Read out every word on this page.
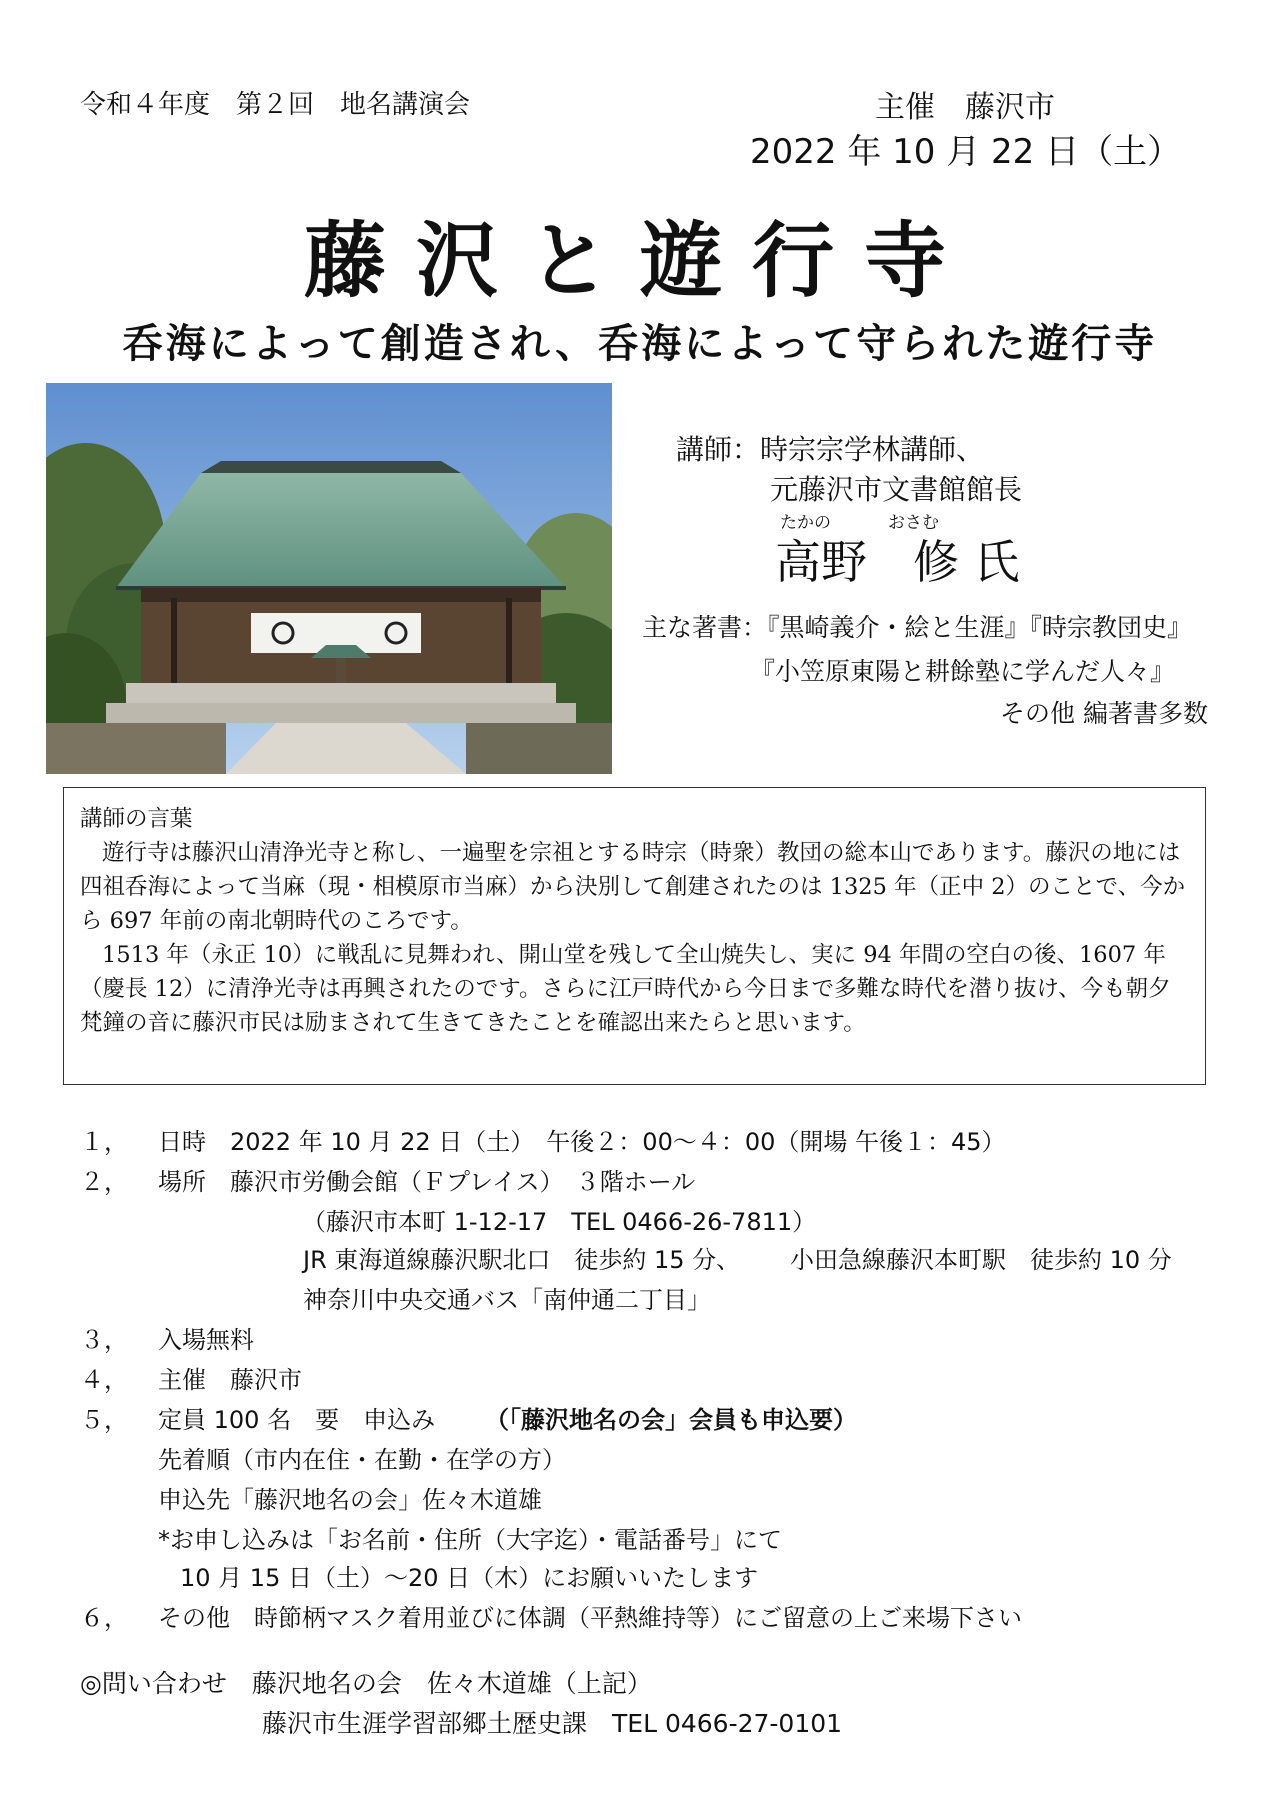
令和４年度　第２回　地名講演会	主催　藤沢市
2022 年 10 月 22 日（土）
藤沢と遊行寺
呑海によって創造され、呑海によって守られた遊行寺
講師：時宗宗学林講師、
元藤沢市文書館館長
たかの	おさむ
高野　修 氏
主な著書：『黒崎義介・絵と生涯』『時宗教団史』
『小笠原東陽と耕餘塾に学んだ人々』
その他 編著書多数

講師の言葉

遊行寺は藤沢山清浄光寺と称し、一遍聖を宗祖とする時宗（時衆）教団の総本山であります。藤沢の地には四祖呑海によって当麻（現・相模原市当麻）から決別して創建されたのは 1325 年（正中 2）のことで、今から 697 年前の南北朝時代のころです。

1513 年（永正 10）に戦乱に見舞われ、開山堂を残して全山焼失し、実に 94 年間の空白の後、1607 年（慶長 12）に清浄光寺は再興されたのです。さらに江戸時代から今日まで多難な時代を潜り抜け、今も朝夕梵鐘の音に藤沢市民は励まされて生きてきたことを確認出来たらと思います。

１， 日時　2022 年 10 月 22 日（土）　午後２：00〜４：00（開場 午後１：45）
２， 場所　藤沢市労働会館（Ｆプレイス）　３階ホール
（藤沢市本町 1-12-17　TEL 0466-26-7811）
JR 東海道線藤沢駅北口　徒歩約 15 分、 小田急線藤沢本町駅　徒歩約 10 分
神奈川中央交通バス「南仲通二丁目」
３， 入場無料
４， 主催　藤沢市
５， 定員 100 名　要　申込み （「藤沢地名の会」会員も申込要）
先着順（市内在住・在勤・在学の方）
申込先「藤沢地名の会」佐々木道雄
*お申し込みは「お名前・住所（大字迄）・電話番号」にて
10 月 15 日（土）〜20 日（木）にお願いいたします
６， その他　時節柄マスク着用並びに体調（平熱維持等）にご留意の上ご来場下さい
◎問い合わせ　藤沢地名の会　佐々木道雄（上記）
藤沢市生涯学習部郷土歴史課　TEL 0466-27-0101
